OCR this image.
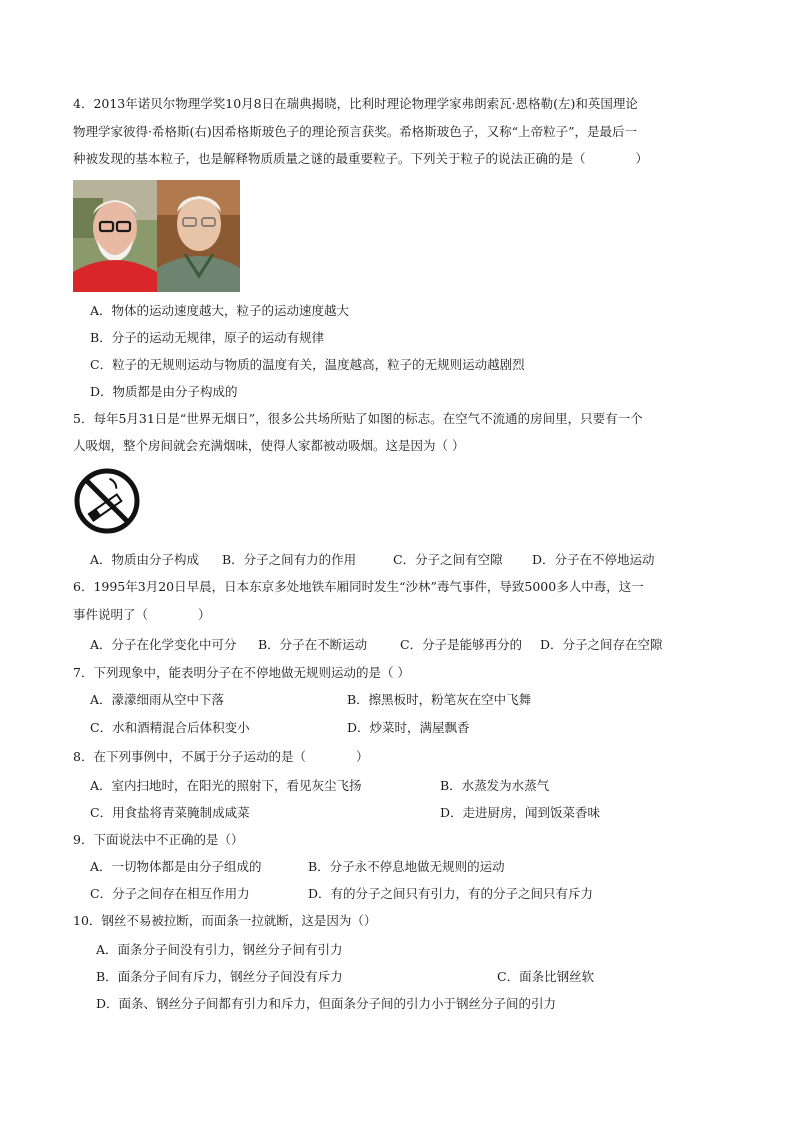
4．2013年诺贝尔物理学奖10月8日在瑞典揭晓，比利时理论物理学家弗朗索瓦·恩格勒(左)和英国理论
物理学家彼得·希格斯(右)因希格斯玻色子的理论预言获奖。希格斯玻色子，又称“上帝粒子”，是最后一
种被发现的基本粒子，也是解释物质质量之谜的最重要粒子。下列关于粒子的说法正确的是（　　　　）
A．物体的运动速度越大，粒子的运动速度越大
B．分子的运动无规律，原子的运动有规律
C．粒子的无规则运动与物质的温度有关，温度越高，粒子的无规则运动越剧烈
D．物质都是由分子构成的
5．每年5月31日是“世界无烟日”，很多公共场所贴了如图的标志。在空气不流通的房间里，只要有一个
人吸烟，整个房间就会充满烟味，使得人家都被动吸烟。这是因为（ ）
A．物质由分子构成 B．分子之间有力的作用	C．分子之间有空隙 D．分子在不停地运动
6．1995年3月20日早晨，日本东京多处地铁车厢同时发生“沙林”毒气事件，导致5000多人中毒，这一
事件说明了（　　　　）
A．分子在化学变化中可分 B．分子在不断运动	C．分子是能够再分的 D．分子之间存在空隙
7．下列现象中，能表明分子在不停地做无规则运动的是（ ）
A．濛濛细雨从空中下落	B．擦黑板时，粉笔灰在空中飞舞
C．水和酒精混合后体积变小	D．炒菜时，满屋飘香
8．在下列事例中，不属于分子运动的是（　　　　）
A．室内扫地时，在阳光的照射下，看见灰尘飞扬	B．水蒸发为水蒸气
C．用食盐将青菜腌制成咸菜	D．走进厨房，闻到饭菜香味
9．下面说法中不正确的是（）
A．一切物体都是由分子组成的	B．分子永不停息地做无规则的运动
C．分子之间存在相互作用力	D．有的分子之间只有引力，有的分子之间只有斥力
10．钢丝不易被拉断，而面条一拉就断，这是因为（）
A．面条分子间没有引力，钢丝分子间有引力
B．面条分子间有斥力，钢丝分子间没有斥力	C．面条比钢丝软
D．面条、钢丝分子间都有引力和斥力，但面条分子间的引力小于钢丝分子间的引力
